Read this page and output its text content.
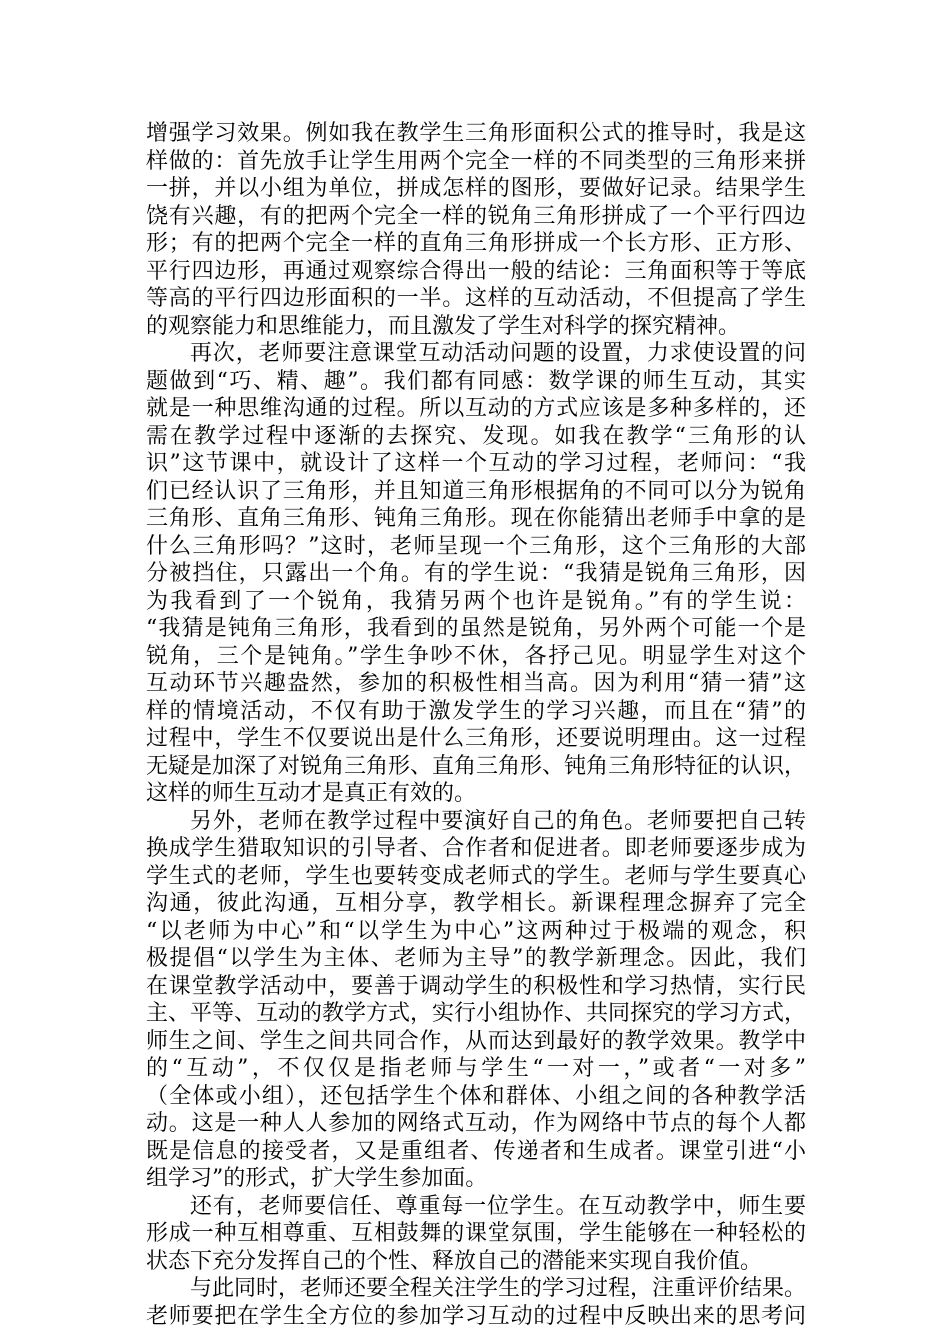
增强学习效果。例如我在教学生三角形面积公式的推导时，我是这
样做的：首先放手让学生用两个完全一样的不同类型的三角形来拼
一拼，并以小组为单位，拼成怎样的图形，要做好记录。结果学生
饶有兴趣，有的把两个完全一样的锐角三角形拼成了一个平行四边
形；有的把两个完全一样的直角三角形拼成一个长方形、正方形、
平行四边形，再通过观察综合得出一般的结论：三角面积等于等底
等高的平行四边形面积的一半。这样的互动活动，不但提高了学生
的观察能力和思维能力，而且激发了学生对科学的探究精神。
再次，老师要注意课堂互动活动问题的设置，力求使设置的问
题做到“巧、精、趣”。我们都有同感：数学课的师生互动，其实
就是一种思维沟通的过程。所以互动的方式应该是多种多样的，还
需在教学过程中逐渐的去探究、发现。如我在教学“三角形的认
识”这节课中，就设计了这样一个互动的学习过程，老师问：“我
们已经认识了三角形，并且知道三角形根据角的不同可以分为锐角
三角形、直角三角形、钝角三角形。现在你能猜出老师手中拿的是
什么三角形吗？”这时，老师呈现一个三角形，这个三角形的大部
分被挡住，只露出一个角。有的学生说：“我猜是锐角三角形，因
为我看到了一个锐角，我猜另两个也许是锐角。”有的学生说：
“我猜是钝角三角形，我看到的虽然是锐角，另外两个可能一个是
锐角，三个是钝角。”学生争吵不休，各抒己见。明显学生对这个
互动环节兴趣盎然，参加的积极性相当高。因为利用“猜一猜”这
样的情境活动，不仅有助于激发学生的学习兴趣，而且在“猜”的
过程中，学生不仅要说出是什么三角形，还要说明理由。这一过程
无疑是加深了对锐角三角形、直角三角形、钝角三角形特征的认识，
这样的师生互动才是真正有效的。
另外，老师在教学过程中要演好自己的角色。老师要把自己转
换成学生猎取知识的引导者、合作者和促进者。即老师要逐步成为
学生式的老师，学生也要转变成老师式的学生。老师与学生要真心
沟通，彼此沟通，互相分享，教学相长。新课程理念摒弃了完全
“以老师为中心”和“以学生为中心”这两种过于极端的观念，积
极提倡“以学生为主体、老师为主导”的教学新理念。因此，我们
在课堂教学活动中，要善于调动学生的积极性和学习热情，实行民
主、平等、互动的教学方式，实行小组协作、共同探究的学习方式，
师生之间、学生之间共同合作，从而达到最好的教学效果。教学中
的“互动”，不仅仅是指老师与学生“一对一，”或者“一对多”
（全体或小组），还包括学生个体和群体、小组之间的各种教学活
动。这是一种人人参加的网络式互动，作为网络中节点的每个人都
既是信息的接受者，又是重组者、传递者和生成者。课堂引进“小
组学习”的形式，扩大学生参加面。
还有，老师要信任、尊重每一位学生。在互动教学中，师生要
形成一种互相尊重、互相鼓舞的课堂氛围，学生能够在一种轻松的
状态下充分发挥自己的个性、释放自己的潜能来实现自我价值。
与此同时，老师还要全程关注学生的学习过程，注重评价结果。
老师要把在学生全方位的参加学习互动的过程中反映出来的思考问
